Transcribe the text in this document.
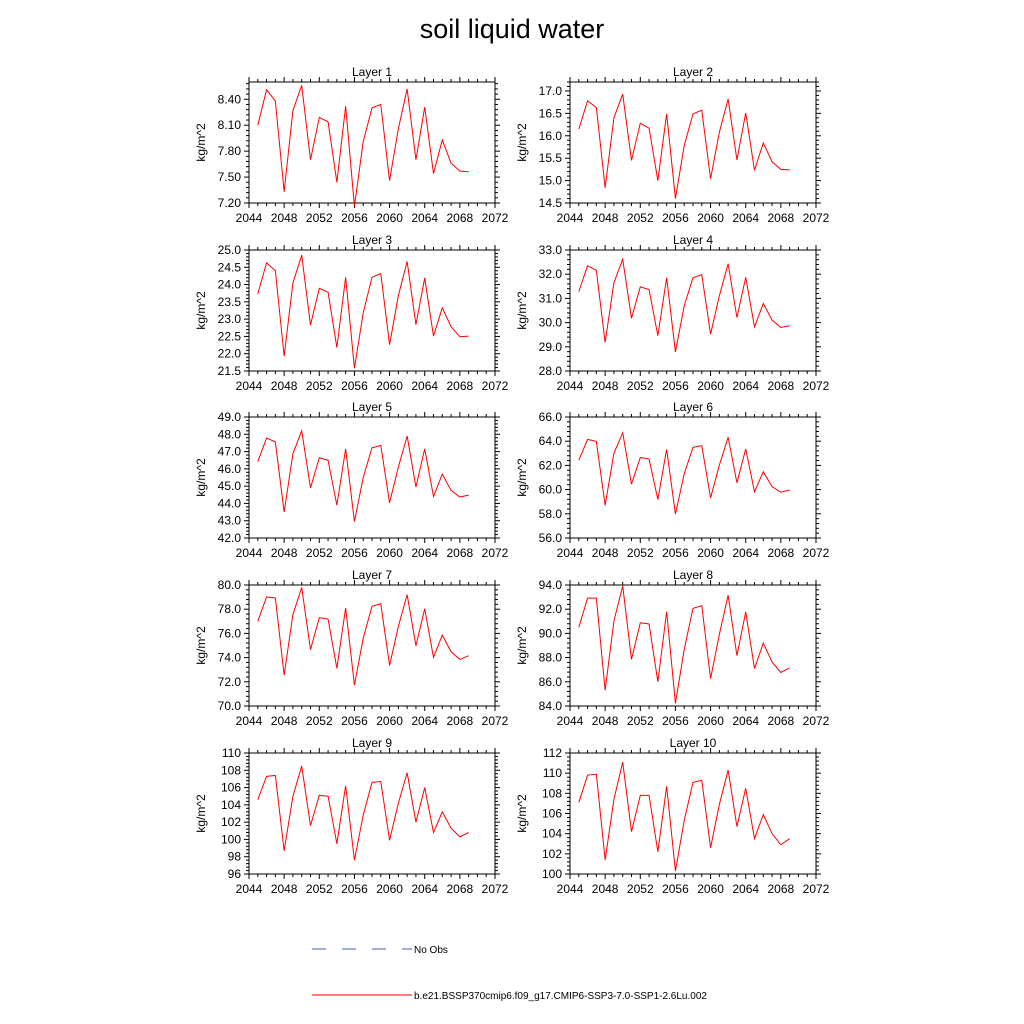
soil liquid water
2044 2048 2052 2056 2060 2064 2068 2072
7.20
7.50
7.80
8.10
8.40
Layer 1
kg/m^2
2044 2048 2052 2056 2060 2064 2068 2072
14.5
15.0
15.5
16.0
16.5
17.0
Layer 2
kg/m^2
2044 2048 2052 2056 2060 2064 2068 2072
21.5
22.0
22.5
23.0
23.5
24.0
24.5
25.0
Layer 3
kg/m^2
2044 2048 2052 2056 2060 2064 2068 2072
28.0
29.0
30.0
31.0
32.0
33.0
Layer 4
kg/m^2
2044 2048 2052 2056 2060 2064 2068 2072
42.0
43.0
44.0
45.0
46.0
47.0
48.0
49.0
Layer 5
kg/m^2
2044 2048 2052 2056 2060 2064 2068 2072
56.0
58.0
60.0
62.0
64.0
66.0
Layer 6
kg/m^2
2044 2048 2052 2056 2060 2064 2068 2072
70.0
72.0
74.0
76.0
78.0
80.0
Layer 7
kg/m^2
2044 2048 2052 2056 2060 2064 2068 2072
84.0
86.0
88.0
90.0
92.0
94.0
Layer 8
kg/m^2
2044 2048 2052 2056 2060 2064 2068 2072
96
98
100
102
104
106
108
110
Layer 9
kg/m^2
2044 2048 2052 2056 2060 2064 2068 2072
100
102
104
106
108
110
112
Layer 10
kg/m^2
No Obs
b.e21.BSSP370cmip6.f09_g17.CMIP6-SSP3-7.0-SSP1-2.6Lu.002
